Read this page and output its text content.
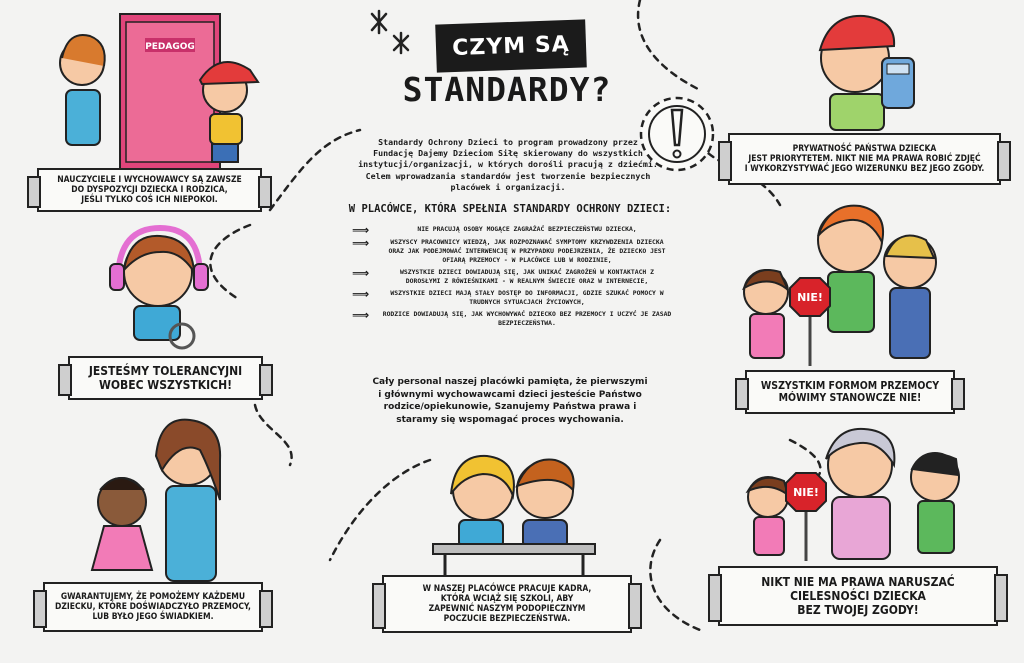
CZYM SĄ
STANDARDY?
Standardy Ochrony Dzieci to program prowadzony przez Fundację Dajemy Dzieciom Siłę skierowany do wszystkich instytucji/organizacji, w których dorośli pracują z dziećmi. Celem wprowadzania standardów jest tworzenie bezpiecznych placówek i organizacji.
W PLACÓWCE, KTÓRA SPEŁNIA STANDARDY OCHRONY DZIECI:
⟹	NIE PRACUJĄ OSOBY MOGĄCE ZAGRAŻAĆ BEZPIECZEŃSTWU DZIECKA,
⟹	WSZYSCY PRACOWNICY WIEDZĄ, JAK ROZPOZNAWAĆ SYMPTOMY KRZYWDZENIA DZIECKA ORAZ JAK PODEJMOWAĆ INTERWENCJĘ W PRZYPADKU PODEJRZENIA, ŻE DZIECKO JEST OFIARĄ PRZEMOCY - W PLACÓWCE LUB W RODZINIE,
⟹	WSZYSTKIE DZIECI DOWIADUJĄ SIĘ, JAK UNIKAĆ ZAGROŻEŃ W KONTAKTACH Z DOROSŁYMI Z RÓWIEŚNIKAMI - W REALNYM ŚWIECIE ORAZ W INTERNECIE,
⟹	WSZYSTKIE DZIECI MAJĄ STAŁY DOSTĘP DO INFORMACJI, GDZIE SZUKAĆ POMOCY W TRUDNYCH SYTUACJACH ŻYCIOWYCH,
⟹	RODZICE DOWIADUJĄ SIĘ, JAK WYCHOWYWAĆ DZIECKO BEZ PRZEMOCY I UCZYĆ JE ZASAD BEZPIECZEŃSTWA.
Cały personal naszej placówki pamięta, że pierwszymi i głównymi wychowawcami dzieci jesteście Państwo rodzice/opiekunowie, Szanujemy Państwa prawa i staramy się wspomagać proces wychowania.
PEDAGOG
NIE!
NIE!
NAUCZYCIELE I WYCHOWAWCY SĄ ZAWSZE
DO DYSPOZYCJI DZIECKA I RODZICA,
JEŚLI TYLKO COŚ ICH NIEPOKOI.
JESTEŚMY TOLERANCYJNI
WOBEC WSZYSTKICH!
GWARANTUJEMY, ŻE POMOŻEMY KAŻDEMU
DZIECKU, KTÓRE DOŚWIADCZYŁO PRZEMOCY,
LUB BYŁO JEGO ŚWIADKIEM.
W NASZEJ PLACÓWCE PRACUJE KADRA,
KTÓRA WCIĄŻ SIĘ SZKOLI, ABY
ZAPEWNIĆ NASZYM PODOPIECZNYM
POCZUCIE BEZPIECZEŃSTWA.
PRYWATNOŚĆ PAŃSTWA DZIECKA
JEST PRIORYTETEM. NIKT NIE MA PRAWA ROBIĆ ZDJĘĆ
I WYKORZYSTYWAĆ JEGO WIZERUNKU BEZ JEGO ZGODY.
WSZYSTKIM FORMOM PRZEMOCY
MÓWIMY STANOWCZE NIE!
NIKT NIE MA PRAWA NARUSZAĆ
CIELESNOŚCI DZIECKA
BEZ TWOJEJ ZGODY!
